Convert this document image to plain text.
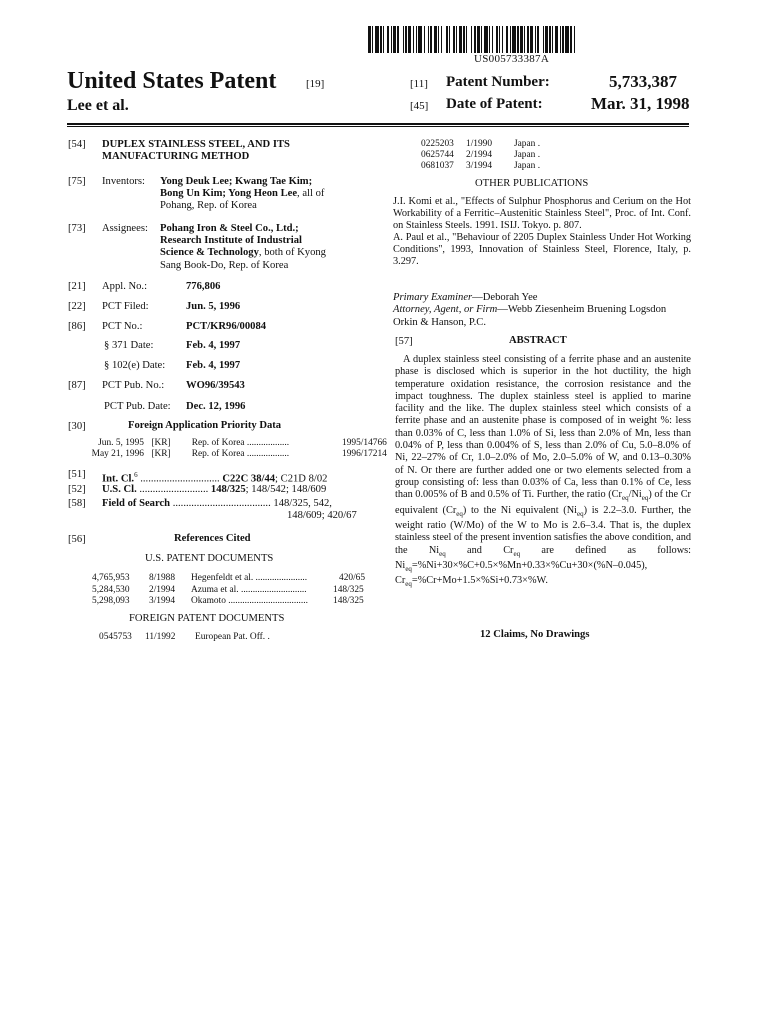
US005733387A
United States Patent	[19]
Lee et al.
[11] Patent Number:	5,733,387
[45] Date of Patent:	Mar. 31, 1998
[54] DUPLEX STAINLESS STEEL, AND ITS
MANUFACTURING METHOD
[75] Inventors: Yong Deuk Lee; Kwang Tae Kim;
Bong Un Kim; Yong Heon Lee, all of
Pohang, Rep. of Korea
[73] Assignees: Pohang Iron & Steel Co., Ltd.;
Research Institute of Industrial
Science & Technology, both of Kyong
Sang Book-Do, Rep. of Korea
[21] Appl. No.:	776,806
[22] PCT Filed:	Jun. 5, 1996
[86] PCT No.:	PCT/KR96/00084
§ 371 Date:	Feb. 4, 1997
§ 102(e) Date: Feb. 4, 1997
[87] PCT Pub. No.: WO96/39543
PCT Pub. Date: Dec. 12, 1996
[30]	Foreign Application Priority Data
Jun. 5, 1995 [KR] Rep. of Korea ..................	1995/14766
May 21, 1996 [KR] Rep. of Korea ..................	1996/17214
[51] Int. Cl.$^6$ .............................. C22C 38/44; C21D 8/02
[52] U.S. Cl. .......................... 148/325; 148/542; 148/609
[58] Field of Search ..................................... 148/325, 542,
148/609; 420/67
[56]	References Cited
U.S. PATENT DOCUMENTS
4,765,953 8/1988 Hegenfeldt et al. ......................	420/65
5,284,530 2/1994 Azuma et al. ............................	148/325
5,298,093 3/1994 Okamoto ..................................	148/325
FOREIGN PATENT DOCUMENTS
0545753 11/1992 European Pat. Off. .
0225203 1/1990 Japan .
0625744 2/1994 Japan .
0681037 3/1994 Japan .
OTHER PUBLICATIONS

J.I. Komi et al., "Effects of Sulphur Phosphorus and Cerium on the Hot Workability of a Ferritic–Austenitic Stainless Steel", Proc. of Int. Conf. on Stainless Steels. 1991. ISIJ. Tokyo. p. 807.

A. Paul et al., "Behaviour of 2205 Duplex Stainless Under Hot Working Conditions", 1993, Innovation of Stainless Steel, Florence, Italy, p. 3.297.

Primary Examiner—Deborah Yee
Attorney, Agent, or Firm—Webb Ziesenheim Bruening Logsdon Orkin & Hanson, P.C.
[57]	ABSTRACT

A duplex stainless steel consisting of a ferrite phase and an austenite phase is disclosed which is superior in the hot ductility, the high temperature oxidation resistance, the corrosion resistance and the impact toughness. The duplex stainless steel is applied to marine facility and the like. The duplex stainless steel which consists of a ferrite phase and an austenite phase is composed of in weight %: less than 0.03% of C, less than 1.0% of Si, less than 2.0% of Mn, less than 0.04% of P, less than 0.004% of S, less than 2.0% of Cu, 5.0–8.0% of Ni, 22–27% of Cr, 1.0–2.0% of Mo, 2.0–5.0% of W, and 0.13–0.30% of N. Or there are further added one or two elements selected from a group consisting of: less than 0.03% of Ca, less than 0.1% of Ce, less than 0.005% of B and 0.5% of Ti. Further, the ratio $(Cr_{eq}/Ni_{eq})$ of the Cr equivalent $(Cr_{eq})$ to the Ni equivalent $(Ni_{eq})$ is 2.2–3.0. Further, the weight ratio (W/Mo) of the W to Mo is 2.6–3.4. That is, the duplex stainless steel of the present invention satisfies the above condition, and the $Ni_{eq}$ and $Cr_{eq}$ are defined as follows: $Ni_{eq}=\%Ni+30\times\%C+0.5\times\%Mn+0.33\times\%Cu+30\times(\%N-0.045)$, $Cr_{eq}=\%Cr+Mo+1.5\times\%Si+0.73\times\%W$.

12 Claims, No Drawings
